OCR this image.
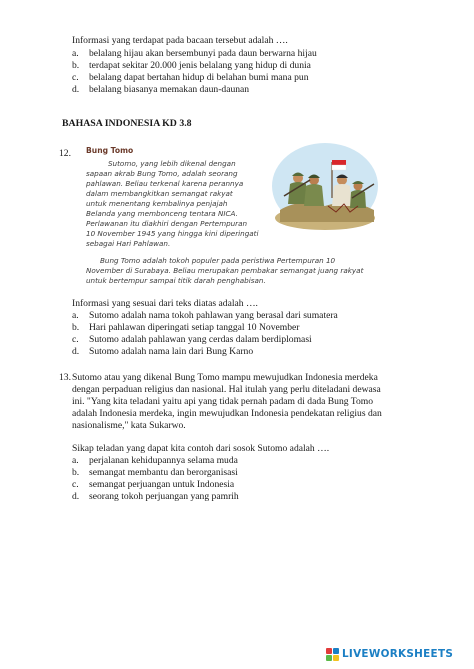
Informasi yang terdapat pada bacaan tersebut adalah ….
a. belalang hijau akan bersembunyi pada daun berwarna hijau
b. terdapat sekitar 20.000 jenis belalang yang hidup di dunia
c. belalang dapat bertahan hidup di belahan bumi mana pun
d. belalang biasanya memakan daun-daunan
BAHASA INDONESIA KD 3.8
12. Bung Tomo
Sutomo, yang lebih dikenal dengan
sapaan akrab Bung Tomo, adalah seorang
pahlawan. Beliau terkenal karena perannya
dalam membangkitkan semangat rakyat
untuk menentang kembalinya penjajah
Belanda yang membonceng tentara NICA.
Perlawanan itu diakhiri dengan Pertempuran
10 November 1945 yang hingga kini diperingati
sebagai Hari Pahlawan.
Bung Tomo adalah tokoh populer pada peristiwa Pertempuran 10
November di Surabaya. Beliau merupakan pembakar semangat juang rakyat
untuk bertempur sampai titik darah penghabisan.
Informasi yang sesuai dari teks diatas adalah ….
a. Sutomo adalah nama tokoh pahlawan yang berasal dari sumatera
b. Hari pahlawan diperingati setiap tanggal 10 November
c. Sutomo adalah pahlawan yang cerdas dalam berdiplomasi
d. Sutomo adalah nama lain dari Bung Karno
13. Sutomo atau yang dikenal Bung Tomo mampu mewujudkan Indonesia merdeka
dengan perpaduan religius dan nasional. Hal itulah yang perlu diteladani dewasa
ini. "Yang kita teladani yaitu api yang tidak pernah padam di dada Bung Tomo
adalah Indonesia merdeka, ingin mewujudkan Indonesia pendekatan religius dan
nasionalisme," kata Sukarwo.
Sikap teladan yang dapat kita contoh dari sosok Sutomo adalah ….
a. perjalanan kehidupannya selama muda
b. semangat membantu dan berorganisasi
c. semangat perjuangan untuk Indonesia
d. seorang tokoh perjuangan yang pamrih
LIVEWORKSHEETS
